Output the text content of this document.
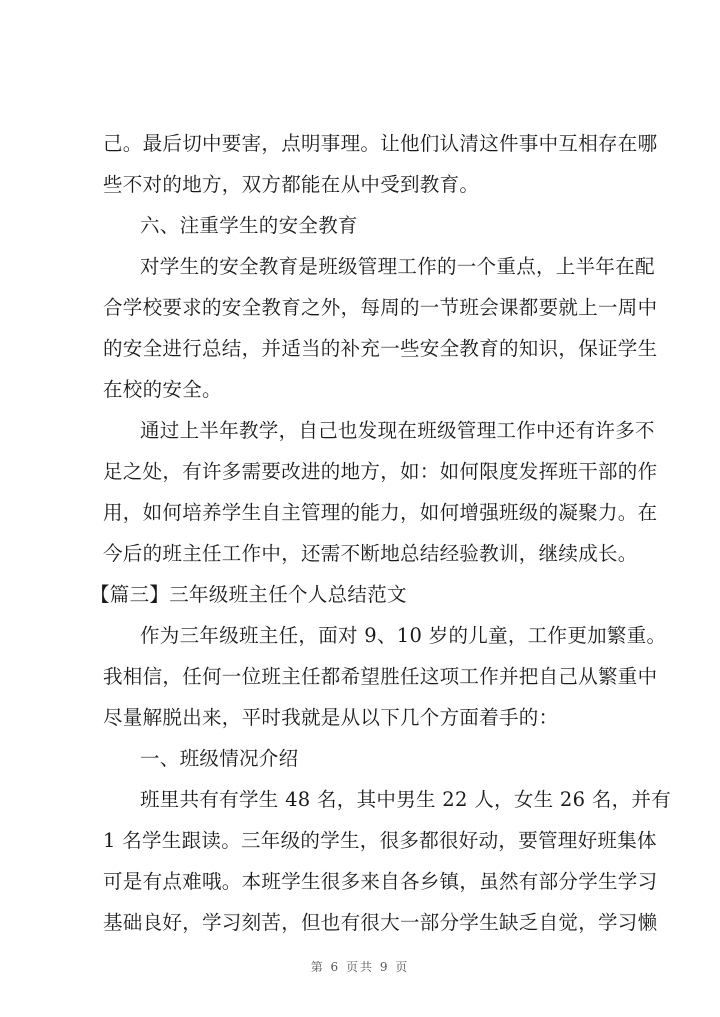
己。最后切中要害，点明事理。让他们认清这件事中互相存在哪
些不对的地方，双方都能在从中受到教育。
六、注重学生的安全教育
对学生的安全教育是班级管理工作的一个重点，上半年在配
合学校要求的安全教育之外，每周的一节班会课都要就上一周中
的安全进行总结，并适当的补充一些安全教育的知识，保证学生
在校的安全。
通过上半年教学，自己也发现在班级管理工作中还有许多不
足之处，有许多需要改进的地方，如：如何限度发挥班干部的作
用，如何培养学生自主管理的能力，如何增强班级的凝聚力。在
今后的班主任工作中，还需不断地总结经验教训，继续成长。
【篇三】三年级班主任个人总结范文
作为三年级班主任，面对 9、10 岁的儿童，工作更加繁重。
我相信，任何一位班主任都希望胜任这项工作并把自己从繁重中
尽量解脱出来，平时我就是从以下几个方面着手的：
一、班级情况介绍
班里共有有学生 48 名，其中男生 22 人，女生 26 名，并有
1 名学生跟读。三年级的学生，很多都很好动，要管理好班集体
可是有点难哦。本班学生很多来自各乡镇，虽然有部分学生学习
基础良好，学习刻苦，但也有很大一部分学生缺乏自觉，学习懒
第 6 页共 9 页
